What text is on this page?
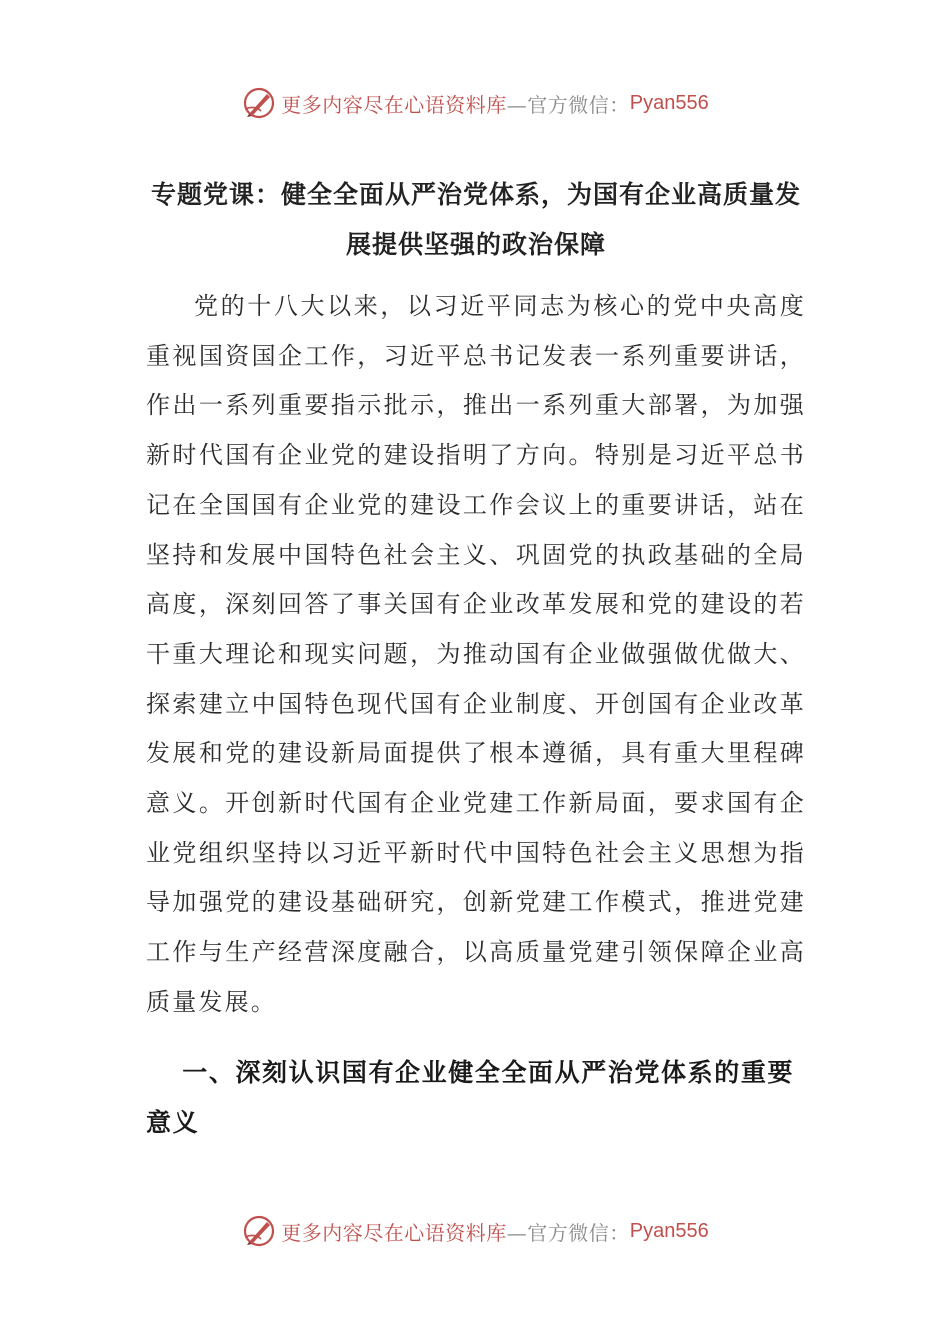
更多内容尽在心语资料库 —官方微信： Pyan556
专题党课：健全全面从严治党体系，为国有企业高质量发展提供坚强的政治保障

党的十八大以来，以习近平同志为核心的党中央高度重视国资国企工作，习近平总书记发表一系列重要讲话，作出一系列重要指示批示，推出一系列重大部署，为加强新时代国有企业党的建设指明了方向。特别是习近平总书记在全国国有企业党的建设工作会议上的重要讲话，站在坚持和发展中国特色社会主义、巩固党的执政基础的全局高度，深刻回答了事关国有企业改革发展和党的建设的若干重大理论和现实问题，为推动国有企业做强做优做大、探索建立中国特色现代国有企业制度、开创国有企业改革发展和党的建设新局面提供了根本遵循，具有重大里程碑意义。开创新时代国有企业党建工作新局面，要求国有企业党组织坚持以习近平新时代中国特色社会主义思想为指导加强党的建设基础研究，创新党建工作模式，推进党建工作与生产经营深度融合，以高质量党建引领保障企业高质量发展。

一、深刻认识国有企业健全全面从严治党体系的重要意义
更多内容尽在心语资料库 —官方微信： Pyan556
